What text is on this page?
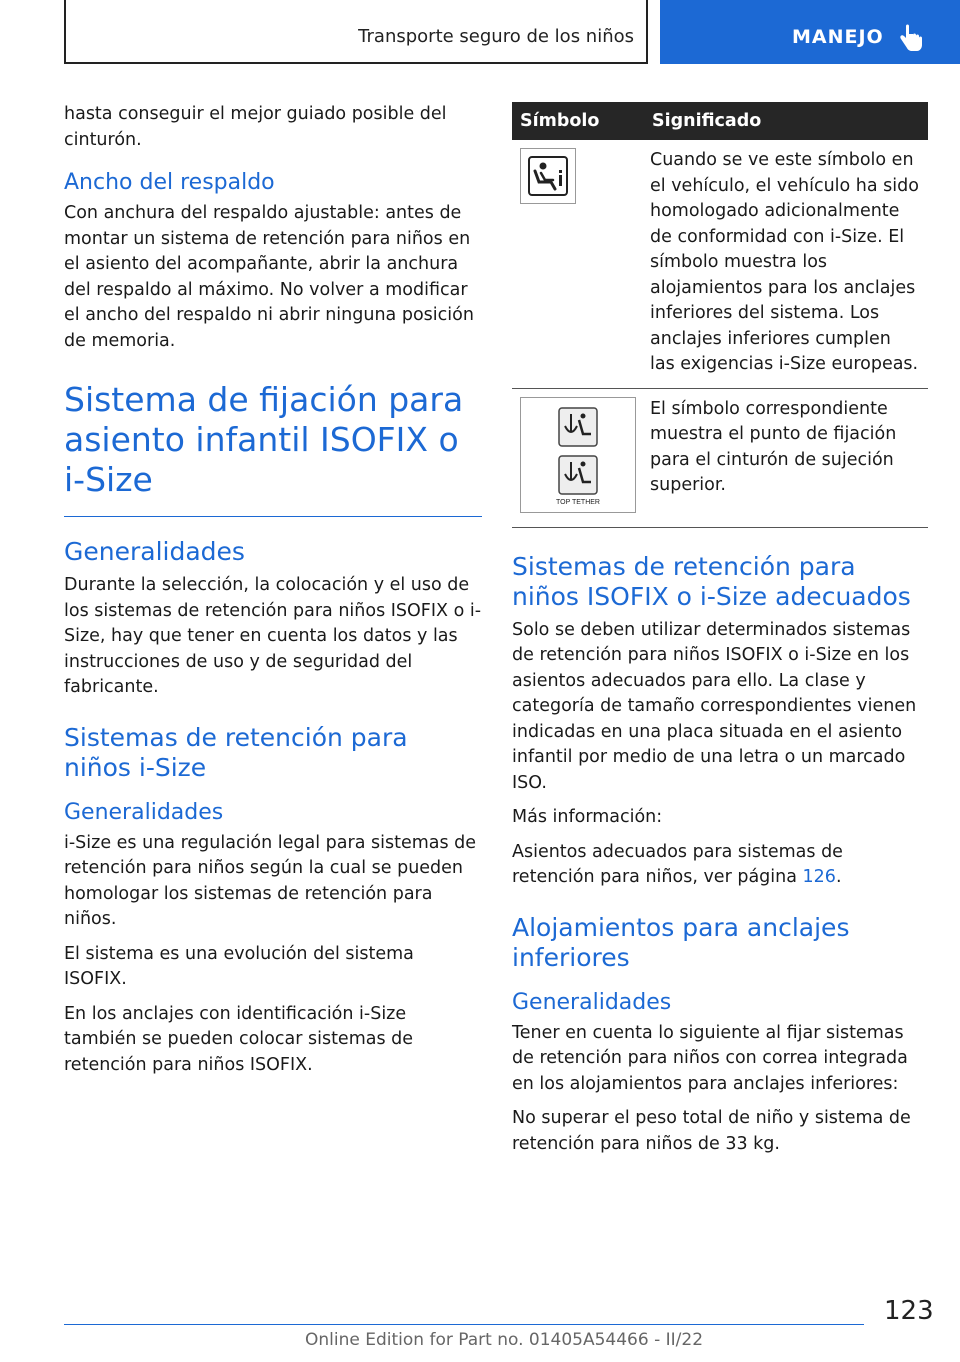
Transporte seguro de los niños	MANEJO

hasta conseguir el mejor guiado posible del cinturón.

Ancho del respaldo

Con anchura del respaldo ajustable: antes de montar un sistema de retención para niños en el asiento del acompañante, abrir la anchura del respaldo al máximo. No volver a modificar el ancho del respaldo ni abrir ninguna posición de memoria.

Sistema de fijación para asiento infantil ISOFIX o i-Size
Generalidades

Durante la selección, la colocación y el uso de los sistemas de retención para niños ISOFIX o i-Size, hay que tener en cuenta los datos y las instrucciones de uso y de seguridad del fabricante.

Sistemas de retención para niños i-Size
Generalidades

i-Size es una regulación legal para sistemas de retención para niños según la cual se pueden homologar los sistemas de retención para niños.

El sistema es una evolución del sistema ISOFIX.

En los anclajes con identificación i-Size también se pueden colocar sistemas de retención para niños ISOFIX.

Símbolo	Significado
	Cuando se ve este símbolo en el vehículo, el vehículo ha sido homologado adicionalmente de conformidad con i-Size. El símbolo muestra los alojamientos para los anclajes inferiores del sistema. Los anclajes inferiores cumplen las exigencias i-Size europeas.

TOP TETHER	El símbolo correspondiente muestra el punto de fijación para el cinturón de sujeción superior.
Sistemas de retención para niños ISOFIX o i-Size adecuados

Solo se deben utilizar determinados sistemas de retención para niños ISOFIX o i-Size en los asientos adecuados para ello. La clase y categoría de tamaño correspondientes vienen indicadas en una placa situada en el asiento infantil por medio de una letra o un marcado ISO.

Más información:

Asientos adecuados para sistemas de retención para niños, ver página 126.

Alojamientos para anclajes inferiores
Generalidades

Tener en cuenta lo siguiente al fijar sistemas de retención para niños con correa integrada en los alojamientos para anclajes inferiores:

No superar el peso total de niño y sistema de retención para niños de 33 kg.

123
Online Edition for Part no. 01405A54466 - II/22
